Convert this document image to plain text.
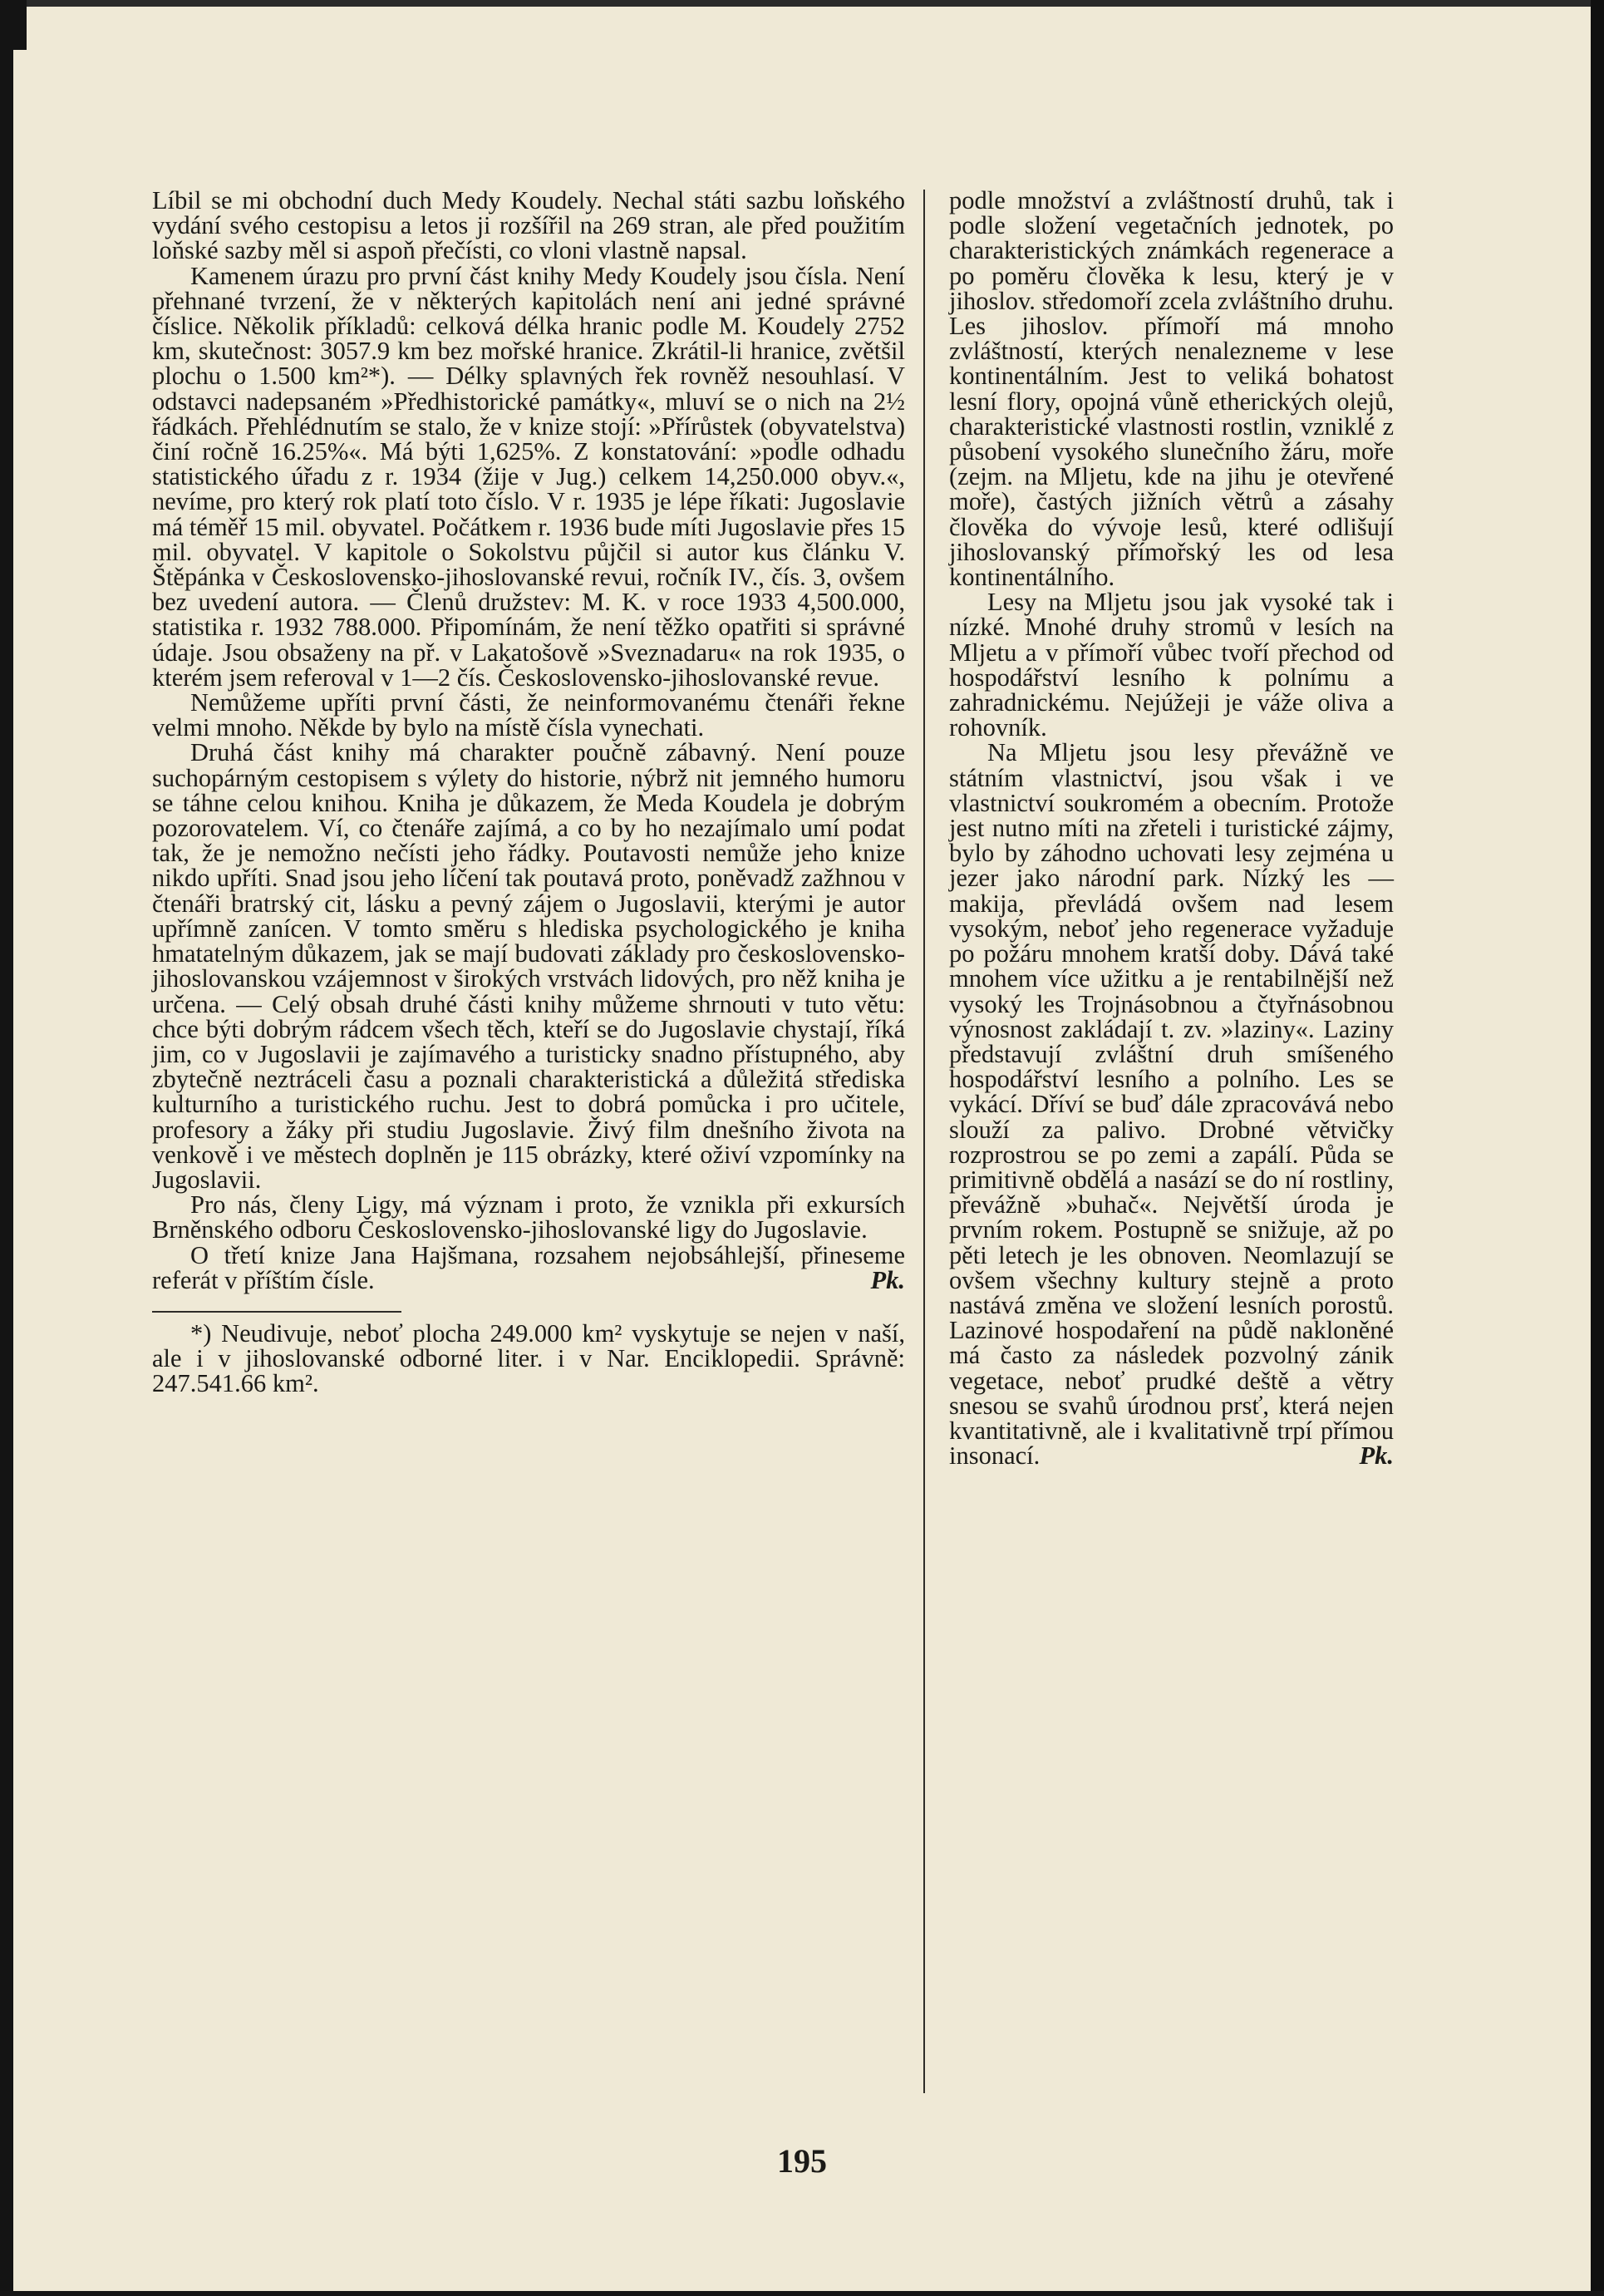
Líbil se mi obchodní duch Medy Koudely. Nechal státi sazbu loňského vydání svého cestopisu a letos ji rozšířil na 269 stran, ale před použitím loňské sazby měl si aspoň přečísti, co vloni vlastně napsal.

Kamenem úrazu pro první část knihy Medy Koudely jsou čísla. Není přehnané tvrzení, že v některých kapitolách není ani jedné správné číslice. Několik příkladů: celková délka hranic podle M. Koudely 2752 km, skutečnost: 3057.9 km bez mořské hranice. Zkrátil-li hranice, zvětšil plochu o 1.500 km²*). — Délky splavných řek rovněž nesouhlasí. V odstavci nadepsaném »Předhistorické památky«, mluví se o nich na 2½ řádkách. Přehlédnutím se stalo, že v knize stojí: »Přírůstek (obyvatelstva) činí ročně 16.25%«. Má býti 1,625%. Z konstatování: »podle odhadu statistického úřadu z r. 1934 (žije v Jug.) celkem 14,250.000 obyv.«, nevíme, pro který rok platí toto číslo. V r. 1935 je lépe říkati: Jugoslavie má téměř 15 mil. obyvatel. Počátkem r. 1936 bude míti Jugoslavie přes 15 mil. obyvatel. V kapitole o Sokolstvu půjčil si autor kus článku V. Štěpánka v Československo-jihoslovanské revui, ročník IV., čís. 3, ovšem bez uvedení autora. — Členů družstev: M. K. v roce 1933 4,500.000, statistika r. 1932 788.000. Připomínám, že není těžko opatřiti si správné údaje. Jsou obsaženy na př. v Lakatošově »Sveznadaru« na rok 1935, o kterém jsem referoval v 1—2 čís. Československo-jihoslovanské revue.

Nemůžeme upříti první části, že neinformovanému čtenáři řekne velmi mnoho. Někde by bylo na místě čísla vynechati.

Druhá část knihy má charakter poučně zábavný. Není pouze suchopárným cestopisem s výlety do historie, nýbrž nit jemného humoru se táhne celou knihou. Kniha je důkazem, že Meda Koudela je dobrým pozorovatelem. Ví, co čtenáře zajímá, a co by ho nezajímalo umí podat tak, že je nemožno nečísti jeho řádky. Poutavosti nemůže jeho knize nikdo upříti. Snad jsou jeho líčení tak poutavá proto, poněvadž zažhnou v čtenáři bratrský cit, lásku a pevný zájem o Jugoslavii, kterými je autor upřímně zanícen. V tomto směru s hlediska psychologického je kniha hmatatelným důkazem, jak se mají budovati základy pro československo-jihoslovanskou vzájemnost v širokých vrstvách lidových, pro něž kniha je určena. — Celý obsah druhé části knihy můžeme shrnouti v tuto větu: chce býti dobrým rádcem všech těch, kteří se do Jugoslavie chystají, říká jim, co v Jugoslavii je zajímavého a turisticky snadno přístupného, aby zbytečně neztráceli času a poznali charakteristická a důležitá střediska kulturního a turistického ruchu. Jest to dobrá pomůcka i pro učitele, profesory a žáky při studiu Jugoslavie. Živý film dnešního života na venkově i ve městech doplněn je 115 obrázky, které oživí vzpomínky na Jugoslavii.

Pro nás, členy Ligy, má význam i proto, že vznikla při exkursích Brněnského odboru Československo-jihoslovanské ligy do Jugoslavie.

O třetí knize Jana Hajšmana, rozsahem nejobsáhlejší, přineseme referát v příštím čísle.	Pk.

*) Neudivuje, neboť plocha 249.000 km² vyskytuje se nejen v naší, ale i v jihoslovanské odborné liter. i v Nar. Enciklopedii. Správně: 247.541.66 km².

podle množství a zvláštností druhů, tak i podle složení vegetačních jednotek, po charakteristických známkách regenerace a po poměru člověka k lesu, který je v jihoslov. středomoří zcela zvláštního druhu. Les jihoslov. přímoří má mnoho zvláštností, kterých nenalezneme v lese kontinentálním. Jest to veliká bohatost lesní flory, opojná vůně etherických olejů, charakteristické vlastnosti rostlin, vzniklé z působení vysokého slunečního žáru, moře (zejm. na Mljetu, kde na jihu je otevřené moře), častých jižních větrů a zásahy člověka do vývoje lesů, které odlišují jihoslovanský přímořský les od lesa kontinentálního.

Lesy na Mljetu jsou jak vysoké tak i nízké. Mnohé druhy stromů v lesích na Mljetu a v přímoří vůbec tvoří přechod od hospodářství lesního k polnímu a zahradnickému. Nejúžeji je váže oliva a rohovník.

Na Mljetu jsou lesy převážně ve státním vlastnictví, jsou však i ve vlastnictví soukromém a obecním. Protože jest nutno míti na zřeteli i turistické zájmy, bylo by záhodno uchovati lesy zejména u jezer jako národní park. Nízký les — makija, převládá ovšem nad lesem vysokým, neboť jeho regenerace vyžaduje po požáru mnohem kratší doby. Dává také mnohem více užitku a je rentabilnější než vysoký les Trojnásobnou a čtyřnásobnou výnosnost zakládají t. zv. »laziny«. Laziny představují zvláštní druh smíšeného hospodářství lesního a polního. Les se vykácí. Dříví se buď dále zpracovává nebo slouží za palivo. Drobné větvičky rozprostrou se po zemi a zapálí. Půda se primitivně obdělá a nasází se do ní rostliny, převážně »buhač«. Největší úroda je prvním rokem. Postupně se snižuje, až po pěti letech je les obnoven. Neomlazují se ovšem všechny kultury stejně a proto nastává změna ve složení lesních porostů. Lazinové hospodaření na půdě nakloněné má často za následek pozvolný zánik vegetace, neboť prudké deště a větry snesou se svahů úrodnou prsť, která nejen kvantitativně, ale i kvalitativně trpí přímou insonací.	Pk.

195
